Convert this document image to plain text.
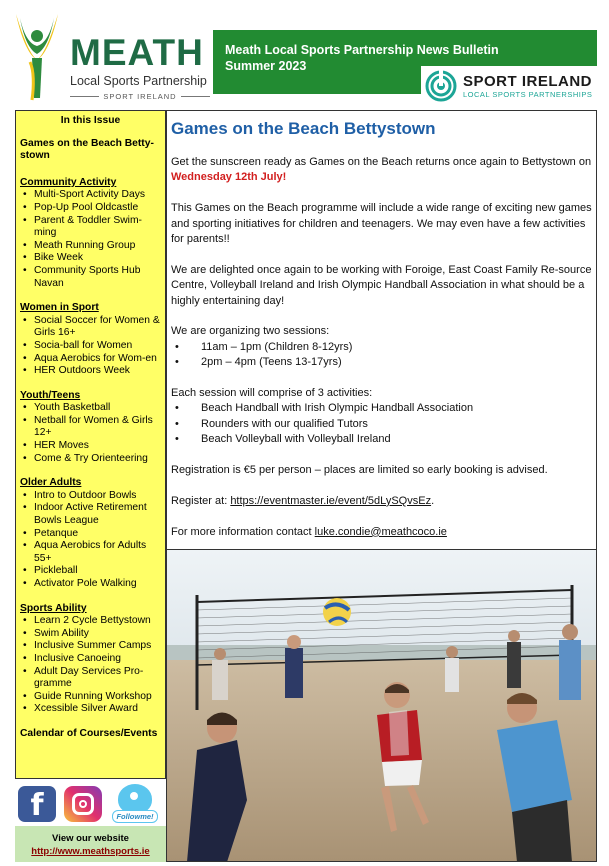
MEATH
Local Sports Partnership
SPORT IRELAND
Meath Local Sports Partnership News Bulletin
Summer 2023
SPORT IRELAND
LOCAL SPORTS PARTNERSHIPS
In this Issue
Games on the Beach Betty-stown
Community Activity
• Multi-Sport Activity Days
• Pop-Up Pool Oldcastle
• Parent & Toddler Swim-ming
• Meath Running Group
• Bike Week
• Community Sports Hub Navan
Women in Sport
• Social Soccer for Women & Girls 16+
• Socia-ball for Women
• Aqua Aerobics for Wom-en
• HER Outdoors Week
Youth/Teens
• Youth Basketball
• Netball for Women & Girls 12+
• HER Moves
• Come & Try Orienteering
Older Adults
• Intro to Outdoor Bowls
• Indoor Active Retirement Bowls League
• Petanque
• Aqua Aerobics for Adults 55+
• Pickleball
• Activator Pole Walking
Sports Ability
• Learn 2 Cycle Bettystown
• Swim Ability
• Inclusive Summer Camps
• Inclusive Canoeing
• Adult Day Services Pro-gramme
• Guide Running Workshop
• Xcessible Silver Award
Calendar of Courses/Events
f	Followme!
View our website
http://www.meathsports.ie
Games on the Beach Bettystown

Get the sunscreen ready as Games on the Beach returns once again to Bettystown on Wednesday 12th July!

This Games on the Beach programme will include a wide range of exciting new games and sporting initiatives for children and teenagers. We may even have a few activities for parents!!

We are delighted once again to be working with Foroige, East Coast Family Re-source Centre, Volleyball Ireland and Irish Olympic Handball Association in what should be a highly entertaining day!

We are organizing two sessions:
• 11am – 1pm (Children 8-12yrs)
• 2pm – 4pm (Teens 13-17yrs)
Each session will comprise of 3 activities:
• Beach Handball with Irish Olympic Handball Association
• Rounders with our qualified Tutors
• Beach Volleyball with Volleyball Ireland

Registration is €5 per person – places are limited so early booking is advised.

Register at: https://eventmaster.ie/event/5dLySQvsEz.

For more information contact luke.condie@meathcoco.ie
